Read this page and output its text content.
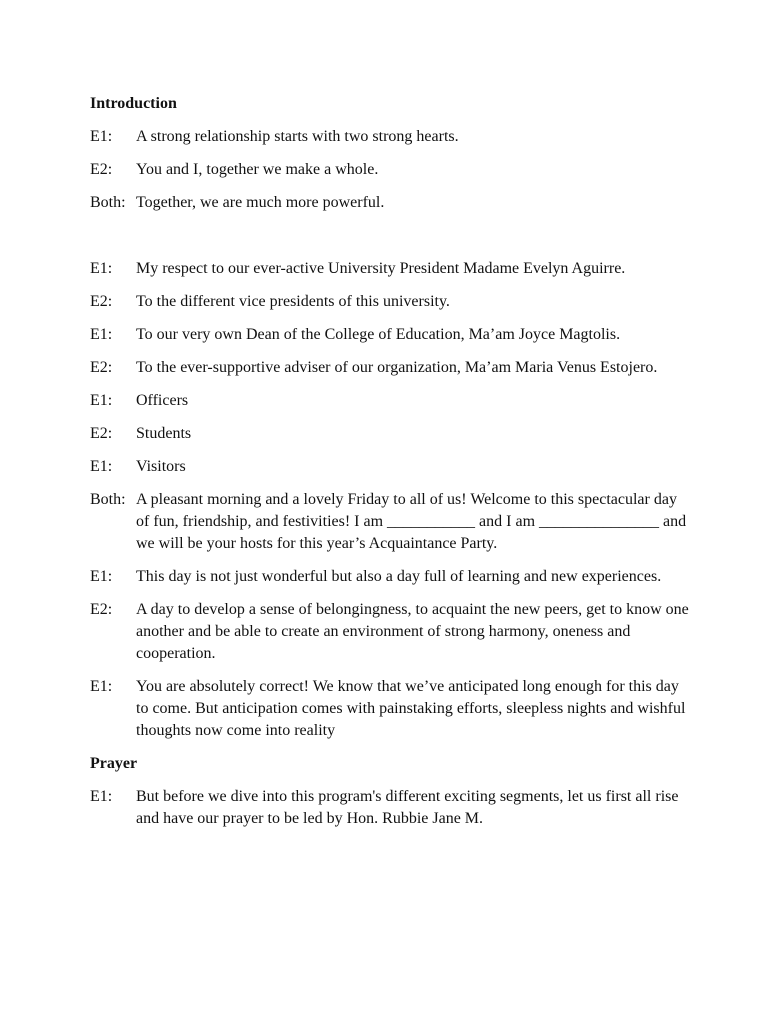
Introduction
E1:	A strong relationship starts with two strong hearts.
E2:	You and I, together we make a whole.
Both: Together, we are much more powerful.
E1:	My respect to our ever-active University President Madame Evelyn Aguirre.
E2:	To the different vice presidents of this university.
E1:	To our very own Dean of the College of Education, Ma’am Joyce Magtolis.
E2:	To the ever-supportive adviser of our organization, Ma’am Maria Venus Estojero.
E1:	Officers
E2:	Students
E1:	Visitors
Both: A pleasant morning and a lovely Friday to all of us! Welcome to this spectacular day of fun, friendship, and festivities! I am ___________ and I am _______________ and we will be your hosts for this year’s Acquaintance Party.
E1:	This day is not just wonderful but also a day full of learning and new experiences.
E2:	A day to develop a sense of belongingness, to acquaint the new peers, get to know one another and be able to create an environment of strong harmony, oneness and cooperation.
E1:	You are absolutely correct! We know that we’ve anticipated long enough for this day to come. But anticipation comes with painstaking efforts, sleepless nights and wishful thoughts now come into reality
Prayer
E1:	But before we dive into this program's different exciting segments, let us first all rise and have our prayer to be led by Hon. Rubbie Jane M.
